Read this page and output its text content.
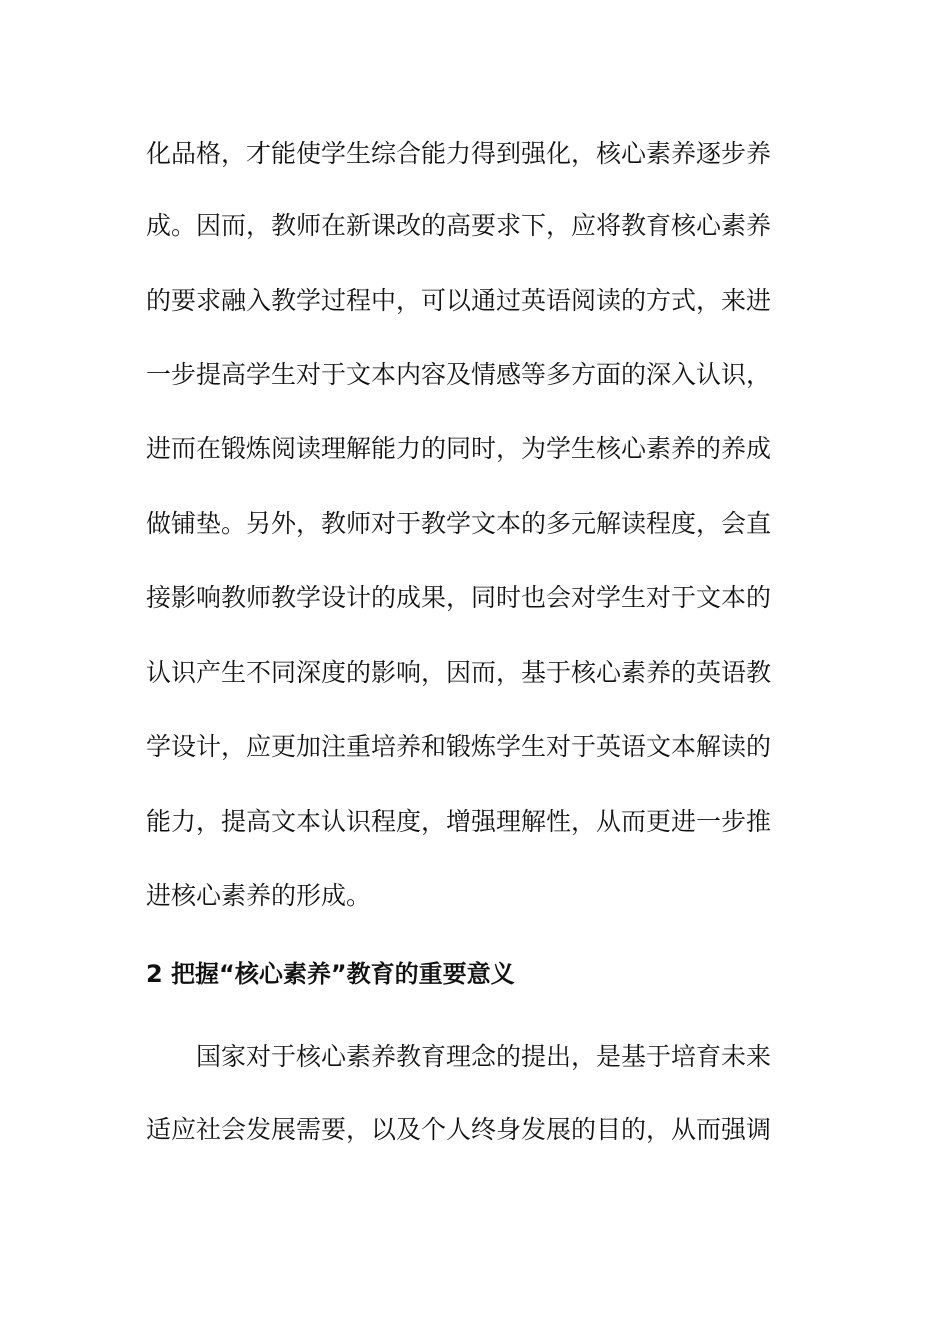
化品格，才能使学生综合能力得到强化，核心素养逐步养
成。因而，教师在新课改的高要求下，应将教育核心素养
的要求融入教学过程中，可以通过英语阅读的方式，来进
一步提高学生对于文本内容及情感等多方面的深入认识，
进而在锻炼阅读理解能力的同时，为学生核心素养的养成
做铺垫。另外，教师对于教学文本的多元解读程度，会直
接影响教师教学设计的成果，同时也会对学生对于文本的
认识产生不同深度的影响，因而，基于核心素养的英语教
学设计，应更加注重培养和锻炼学生对于英语文本解读的
能力，提高文本认识程度，增强理解性，从而更进一步推
进核心素养的形成。
2 把握“核心素养”教育的重要意义
国家对于核心素养教育理念的提出，是基于培育未来
适应社会发展需要，以及个人终身发展的目的，从而强调
